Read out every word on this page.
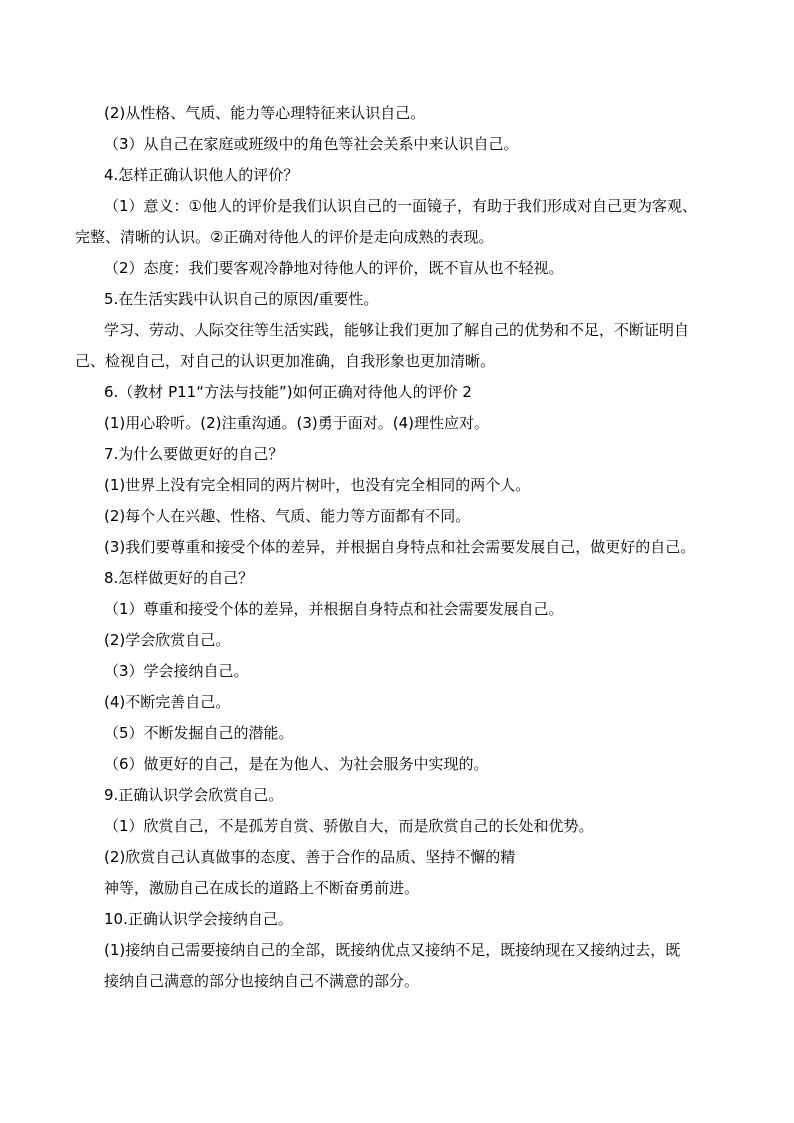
(2)从性格、气质、能力等心理特征来认识自己。
（3）从自己在家庭或班级中的角色等社会关系中来认识自己。
4.怎样正确认识他人的评价？
（1）意义：①他人的评价是我们认识自己的一面镜子，有助于我们形成对自己更为客观、
完整、清晰的认识。②正确对待他人的评价是走向成熟的表现。
（2）态度：我们要客观冷静地对待他人的评价，既不盲从也不轻视。
5.在生活实践中认识自己的原因/重要性。
学习、劳动、人际交往等生活实践，能够让我们更加了解自己的优势和不足，不断证明自
己、检视自己，对自己的认识更加准确，自我形象也更加清晰。
6.（教材 P11“方法与技能”)如何正确对待他人的评价 2
(1)用心聆听。(2)注重沟通。(3)勇于面对。(4)理性应对。
7.为什么要做更好的自己？
(1)世界上没有完全相同的两片树叶，也没有完全相同的两个人。
(2)每个人在兴趣、性格、气质、能力等方面都有不同。
(3)我们要尊重和接受个体的差异，并根据自身特点和社会需要发展自己，做更好的自己。
8.怎样做更好的自己？
（1）尊重和接受个体的差异，并根据自身特点和社会需要发展自己。
(2)学会欣赏自己。
（3）学会接纳自己。
(4)不断完善自己。
（5）不断发掘自己的潜能。
（6）做更好的自己，是在为他人、为社会服务中实现的。
9.正确认识学会欣赏自己。
（1）欣赏自己，不是孤芳自赏、骄傲自大，而是欣赏自己的长处和优势。
(2)欣赏自己认真做事的态度、善于合作的品质、坚持不懈的精
神等，激励自己在成长的道路上不断奋勇前进。
10.正确认识学会接纳自己。
(1)接纳自己需要接纳自己的全部，既接纳优点又接纳不足，既接纳现在又接纳过去，既
接纳自己满意的部分也接纳自己不满意的部分。
